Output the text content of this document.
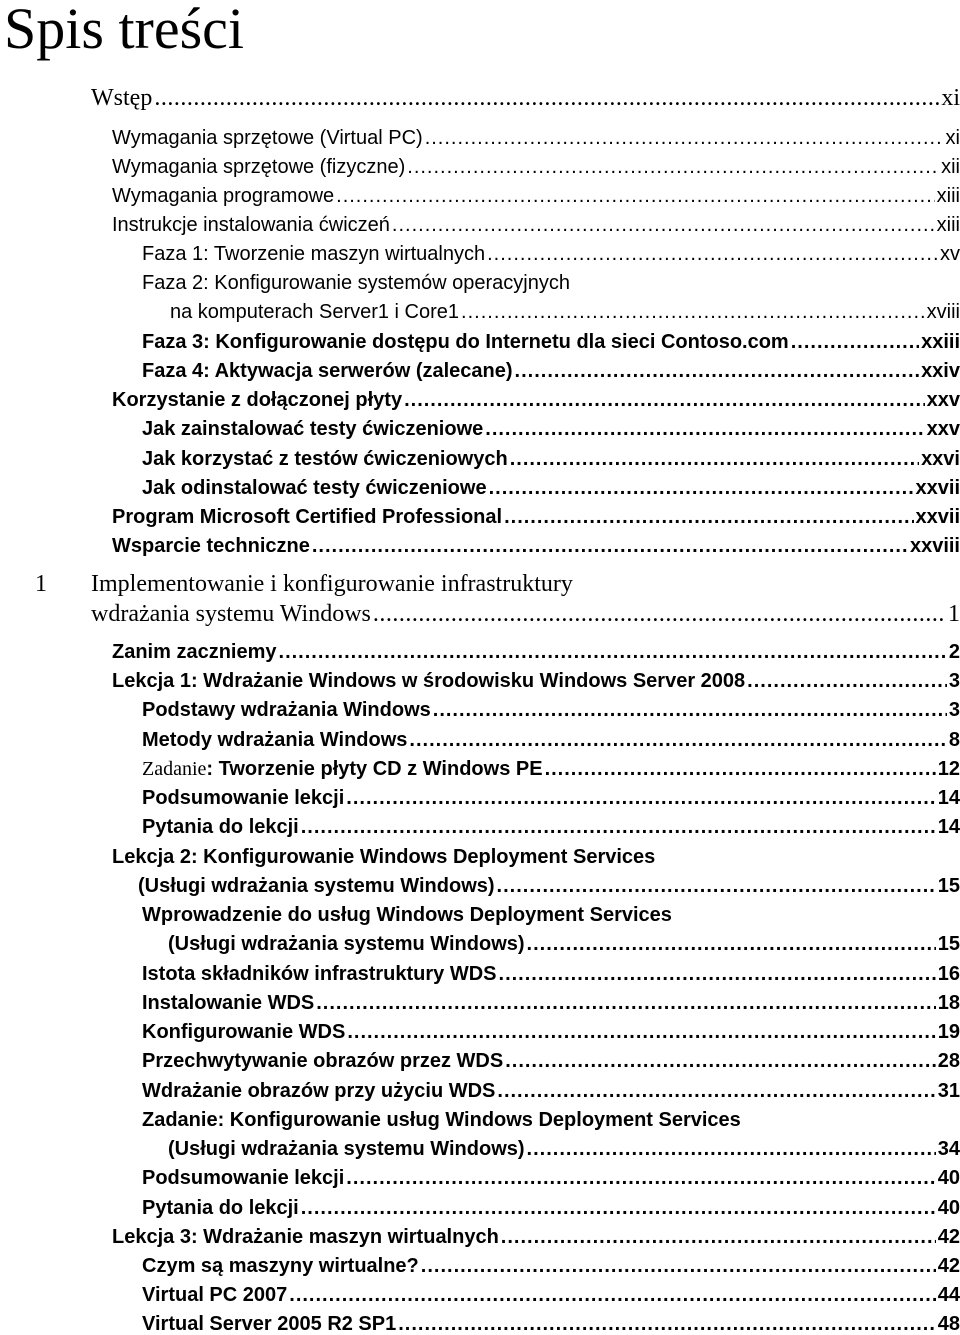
Spis treści
Wstęp .....	xi
Wymagania sprzętowe (Virtual PC) .....	xi
Wymagania sprzętowe (fizyczne) .....	xii
Wymagania programowe .....	xiii
Instrukcje instalowania ćwiczeń .....	xiii
Faza 1: Tworzenie maszyn wirtualnych .....	xv
Faza 2: Konfigurowanie systemów operacyjnych
na komputerach Server1 i Core1 .....	xviii
Faza 3: Konfigurowanie dostępu do Internetu dla sieci Contoso.com .....	xxiii
Faza 4: Aktywacja serwerów (zalecane) .....	xxiv
Korzystanie z dołączonej płyty .....	xxv
Jak zainstalować testy ćwiczeniowe .....	xxv
Jak korzystać z testów ćwiczeniowych .....	xxvi
Jak odinstalować testy ćwiczeniowe .....	xxvii
Program Microsoft Certified Professional .....	xxvii
Wsparcie techniczne .....	xxviii
1 Implementowanie i konfigurowanie infrastruktury
wdrażania systemu Windows .....	1
Zanim zaczniemy .....	2
Lekcja 1: Wdrażanie Windows w środowisku Windows Server 2008 .....	3
Podstawy wdrażania Windows .....	3
Metody wdrażania Windows .....	8
Zadanie: Tworzenie płyty CD z Windows PE .....	12
Podsumowanie lekcji .....	14
Pytania do lekcji .....	14
Lekcja 2: Konfigurowanie Windows Deployment Services
(Usługi wdrażania systemu Windows) .....	15
Wprowadzenie do usług Windows Deployment Services
(Usługi wdrażania systemu Windows) .....	15
Istota składników infrastruktury WDS .....	16
Instalowanie WDS .....	18
Konfigurowanie WDS .....	19
Przechwytywanie obrazów przez WDS .....	28
Wdrażanie obrazów przy użyciu WDS .....	31
Zadanie: Konfigurowanie usług Windows Deployment Services
(Usługi wdrażania systemu Windows) .....	34
Podsumowanie lekcji .....	40
Pytania do lekcji .....	40
Lekcja 3: Wdrażanie maszyn wirtualnych .....	42
Czym są maszyny wirtualne? .....	42
Virtual PC 2007 .....	44
Virtual Server 2005 R2 SP1 .....	48
